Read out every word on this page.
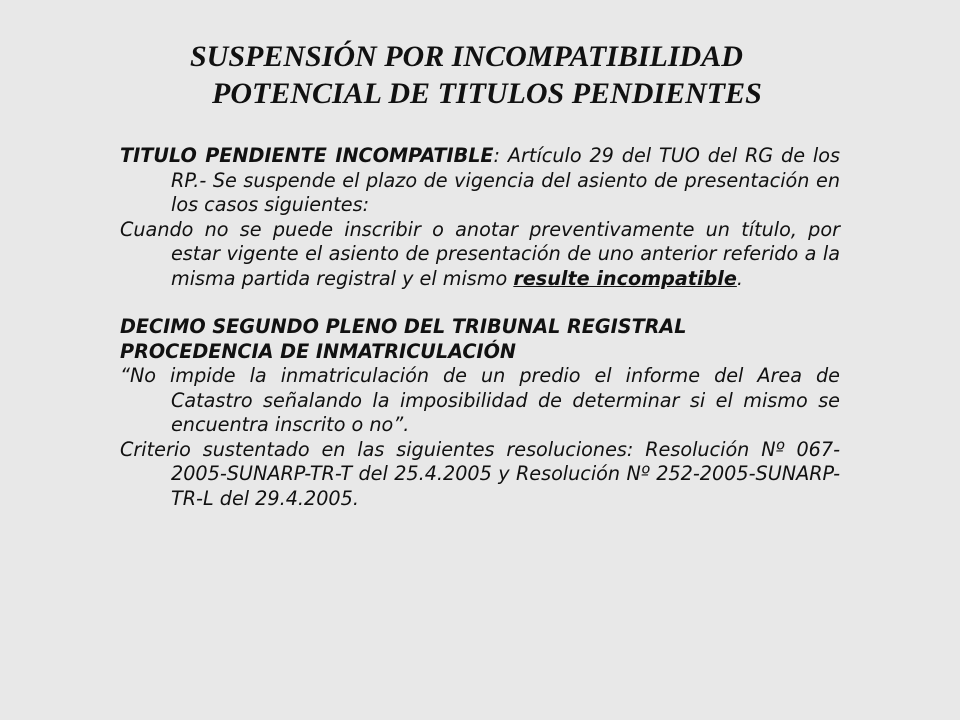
SUSPENSIÓN POR INCOMPATIBILIDAD
POTENCIAL DE TITULOS PENDIENTES

TITULO PENDIENTE INCOMPATIBLE: Artículo 29 del TUO del RG de los RP.- Se suspende el plazo de vigencia del asiento de presentación en los casos siguientes:

Cuando no se puede inscribir o anotar preventivamente un título, por estar vigente el asiento de presentación de uno anterior referido a la misma partida registral y el mismo resulte incompatible.

DECIMO SEGUNDO PLENO DEL TRIBUNAL REGISTRAL

PROCEDENCIA DE INMATRICULACIÓN

“No impide la inmatriculación de un predio el informe del Area de Catastro señalando la imposibilidad de determinar si el mismo se encuentra inscrito o no”.

Criterio sustentado en las siguientes resoluciones: Resolución Nº 067-2005-SUNARP-TR-T del 25.4.2005 y Resolución Nº 252-2005-SUNARP-TR-L del 29.4.2005.
